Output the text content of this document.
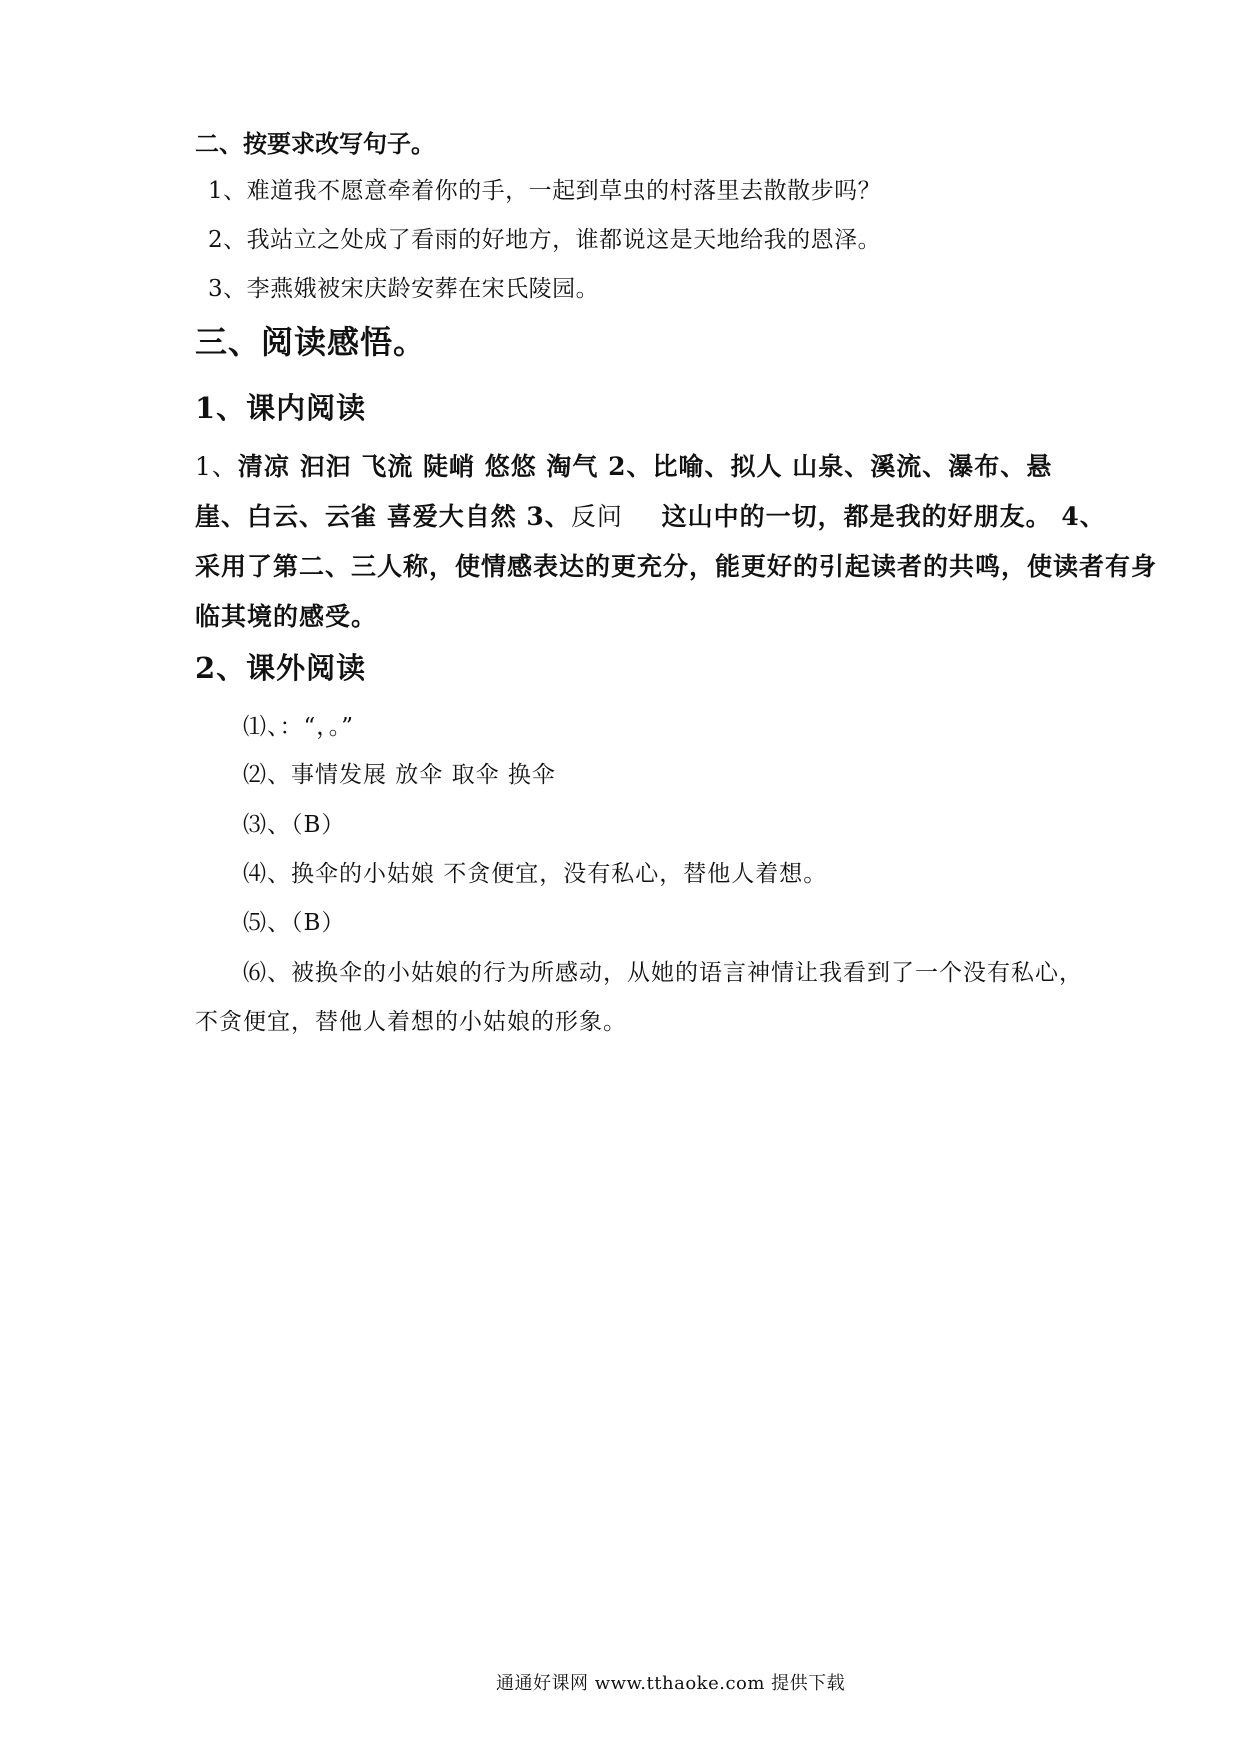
二、按要求改写句子。
1、难道我不愿意牵着你的手，一起到草虫的村落里去散散步吗？
2、我站立之处成了看雨的好地方，谁都说这是天地给我的恩泽。
3、李燕娥被宋庆龄安葬在宋氏陵园。
三、阅读感悟。
1、课内阅读
1、清凉 汩汩 飞流 陡峭 悠悠 淘气 2、比喻、拟人 山泉、溪流、瀑布、悬
崖、白云、云雀 喜爱大自然 3、反问 这山中的一切，都是我的好朋友。 4、
采用了第二、三人称，使情感表达的更充分，能更好的引起读者的共鸣，使读者有身
临其境的感受。
2、课外阅读
⑴、：“，。”
⑵、事情发展 放伞 取伞 换伞
⑶、（B）
⑷、换伞的小姑娘 不贪便宜，没有私心，替他人着想。
⑸、（B）
⑹、被换伞的小姑娘的行为所感动，从她的语言神情让我看到了一个没有私心，
不贪便宜，替他人着想的小姑娘的形象。
通通好课网 www.tthaoke.com 提供下载
